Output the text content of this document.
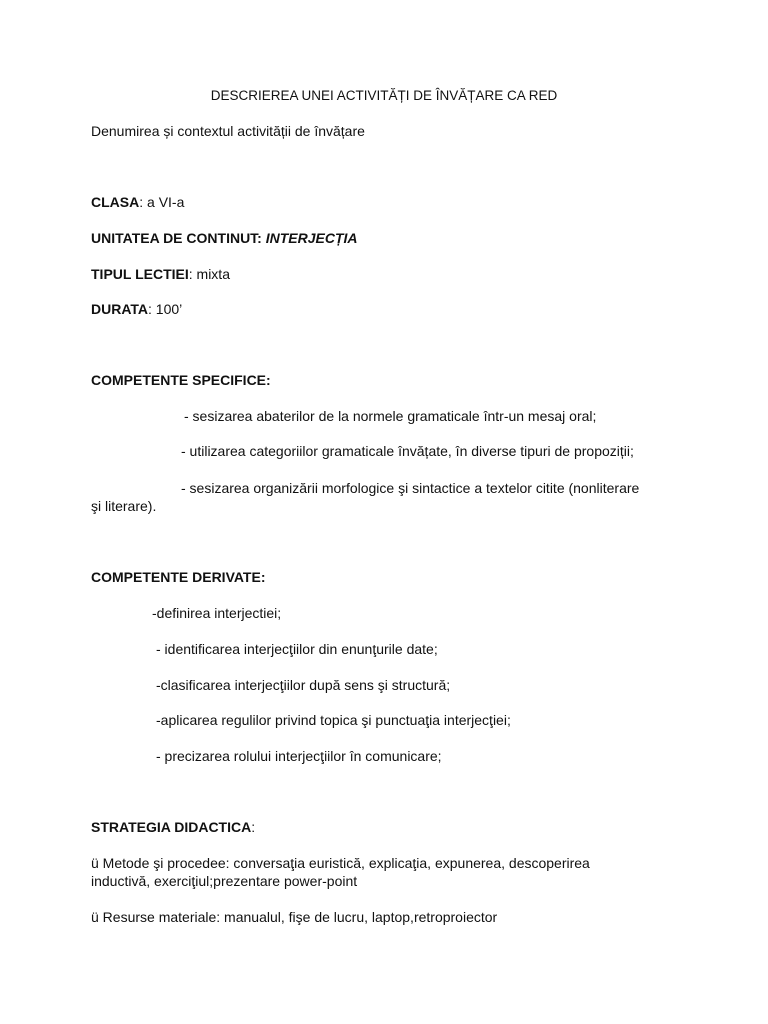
DESCRIEREA UNEI ACTIVITĂȚI DE ÎNVĂȚARE CA RED
Denumirea și contextul activității de învățare
CLASA: a VI-a
UNITATEA DE CONTINUT: INTERJECȚIA
TIPUL LECTIEI: mixta
DURATA: 100’
COMPETENTE SPECIFICE:
- sesizarea abaterilor de la normele gramaticale într-un mesaj oral;
- utilizarea categoriilor gramaticale învățate, în diverse tipuri de propoziții;
- sesizarea organizării morfologice şi sintactice a textelor citite (nonliterare
şi literare).
COMPETENTE DERIVATE:
-definirea interjectiei;
- identificarea interjecţiilor din enunţurile date;
-clasificarea interjecţiilor după sens şi structură;
-aplicarea regulilor privind topica şi punctuaţia interjecţiei;
- precizarea rolului interjecţiilor în comunicare;
STRATEGIA DIDACTICA:
ü Metode şi procedee: conversaţia euristică, explicaţia, expunerea, descoperirea
inductivă, exerciţiul;prezentare power-point
ü Resurse materiale: manualul, fişe de lucru, laptop,retroproiector
